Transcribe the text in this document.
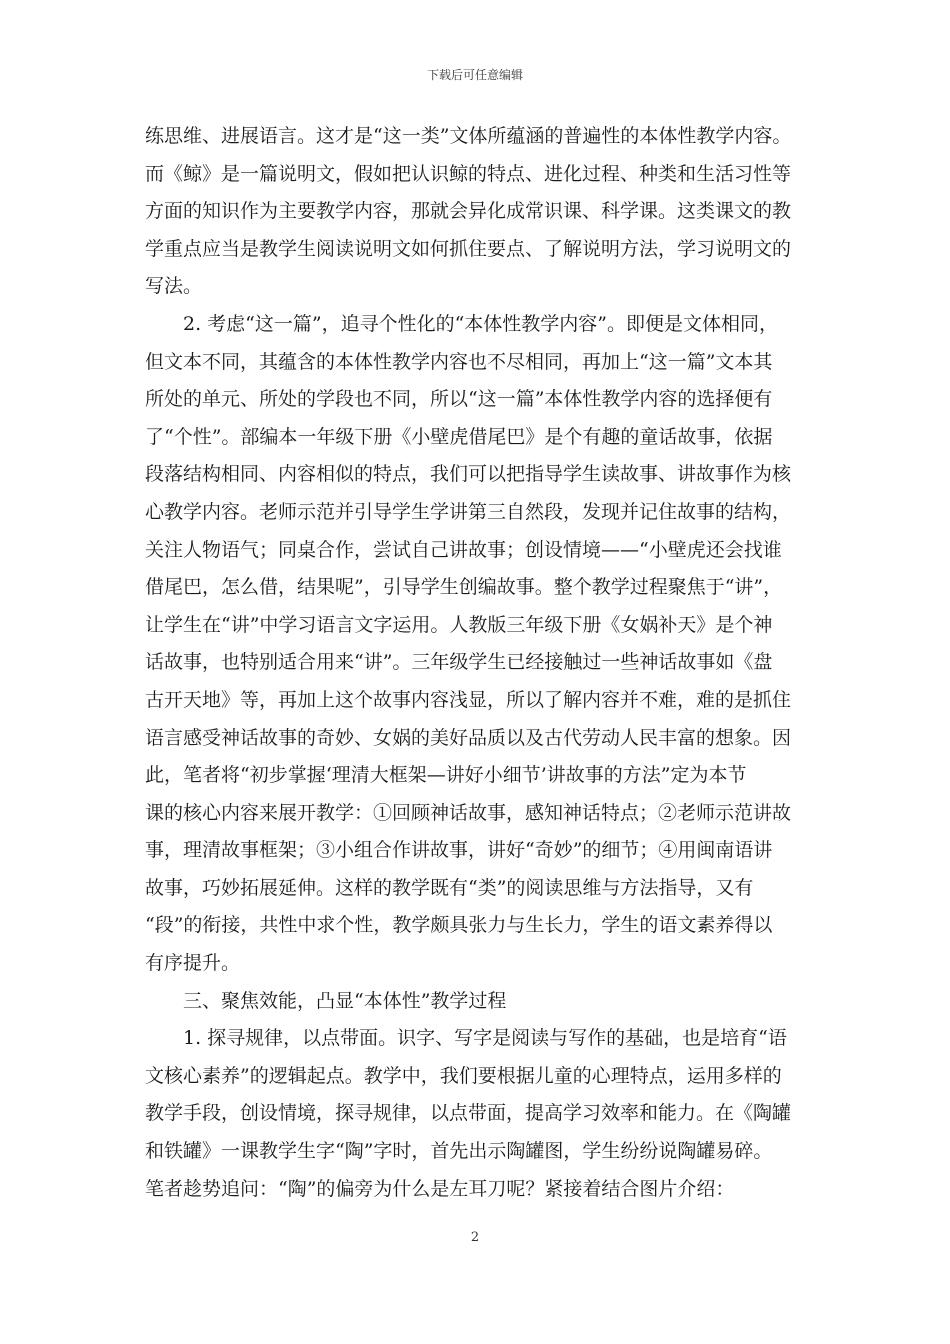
下载后可任意编辑

练思维、进展语言。这才是“这一类”文体所蕴涵的普遍性的本体性教学内容。
而《鲸》是一篇说明文，假如把认识鲸的特点、进化过程、种类和生活习性等
方面的知识作为主要教学内容，那就会异化成常识课、科学课。这类课文的教
学重点应当是教学生阅读说明文如何抓住要点、了解说明方法，学习说明文的
写法。

2. 考虑“这一篇”，追寻个性化的“本体性教学内容”。即便是文体相同，
但文本不同，其蕴含的本体性教学内容也不尽相同，再加上“这一篇”文本其
所处的单元、所处的学段也不同，所以“这一篇”本体性教学内容的选择便有
了“个性”。部编本一年级下册《小壁虎借尾巴》是个有趣的童话故事，依据
段落结构相同、内容相似的特点，我们可以把指导学生读故事、讲故事作为核
心教学内容。老师示范并引导学生学讲第三自然段，发现并记住故事的结构，
关注人物语气；同桌合作，尝试自己讲故事；创设情境——“小壁虎还会找谁
借尾巴，怎么借，结果呢”，引导学生创编故事。整个教学过程聚焦于“讲”，
让学生在“讲”中学习语言文字运用。人教版三年级下册《女娲补天》是个神
话故事，也特别适合用来“讲”。三年级学生已经接触过一些神话故事如《盘
古开天地》等，再加上这个故事内容浅显，所以了解内容并不难，难的是抓住
语言感受神话故事的奇妙、女娲的美好品质以及古代劳动人民丰富的想象。因
此，笔者将“初步掌握‘理清大框架—讲好小细节’讲故事的方法”定为本节
课的核心内容来展开教学：①回顾神话故事，感知神话特点；②老师示范讲故
事，理清故事框架；③小组合作讲故事，讲好“奇妙”的细节；④用闽南语讲
故事，巧妙拓展延伸。这样的教学既有“类”的阅读思维与方法指导，又有
“段”的衔接，共性中求个性，教学颇具张力与生长力，学生的语文素养得以
有序提升。

三、聚焦效能，凸显“本体性”教学过程

1. 探寻规律，以点带面。识字、写字是阅读与写作的基础，也是培育“语
文核心素养”的逻辑起点。教学中，我们要根据儿童的心理特点，运用多样的
教学手段，创设情境，探寻规律，以点带面，提高学习效率和能力。在《陶罐
和铁罐》一课教学生字“陶”字时，首先出示陶罐图，学生纷纷说陶罐易碎。
笔者趁势追问：“陶”的偏旁为什么是左耳刀呢？紧接着结合图片介绍：

2
